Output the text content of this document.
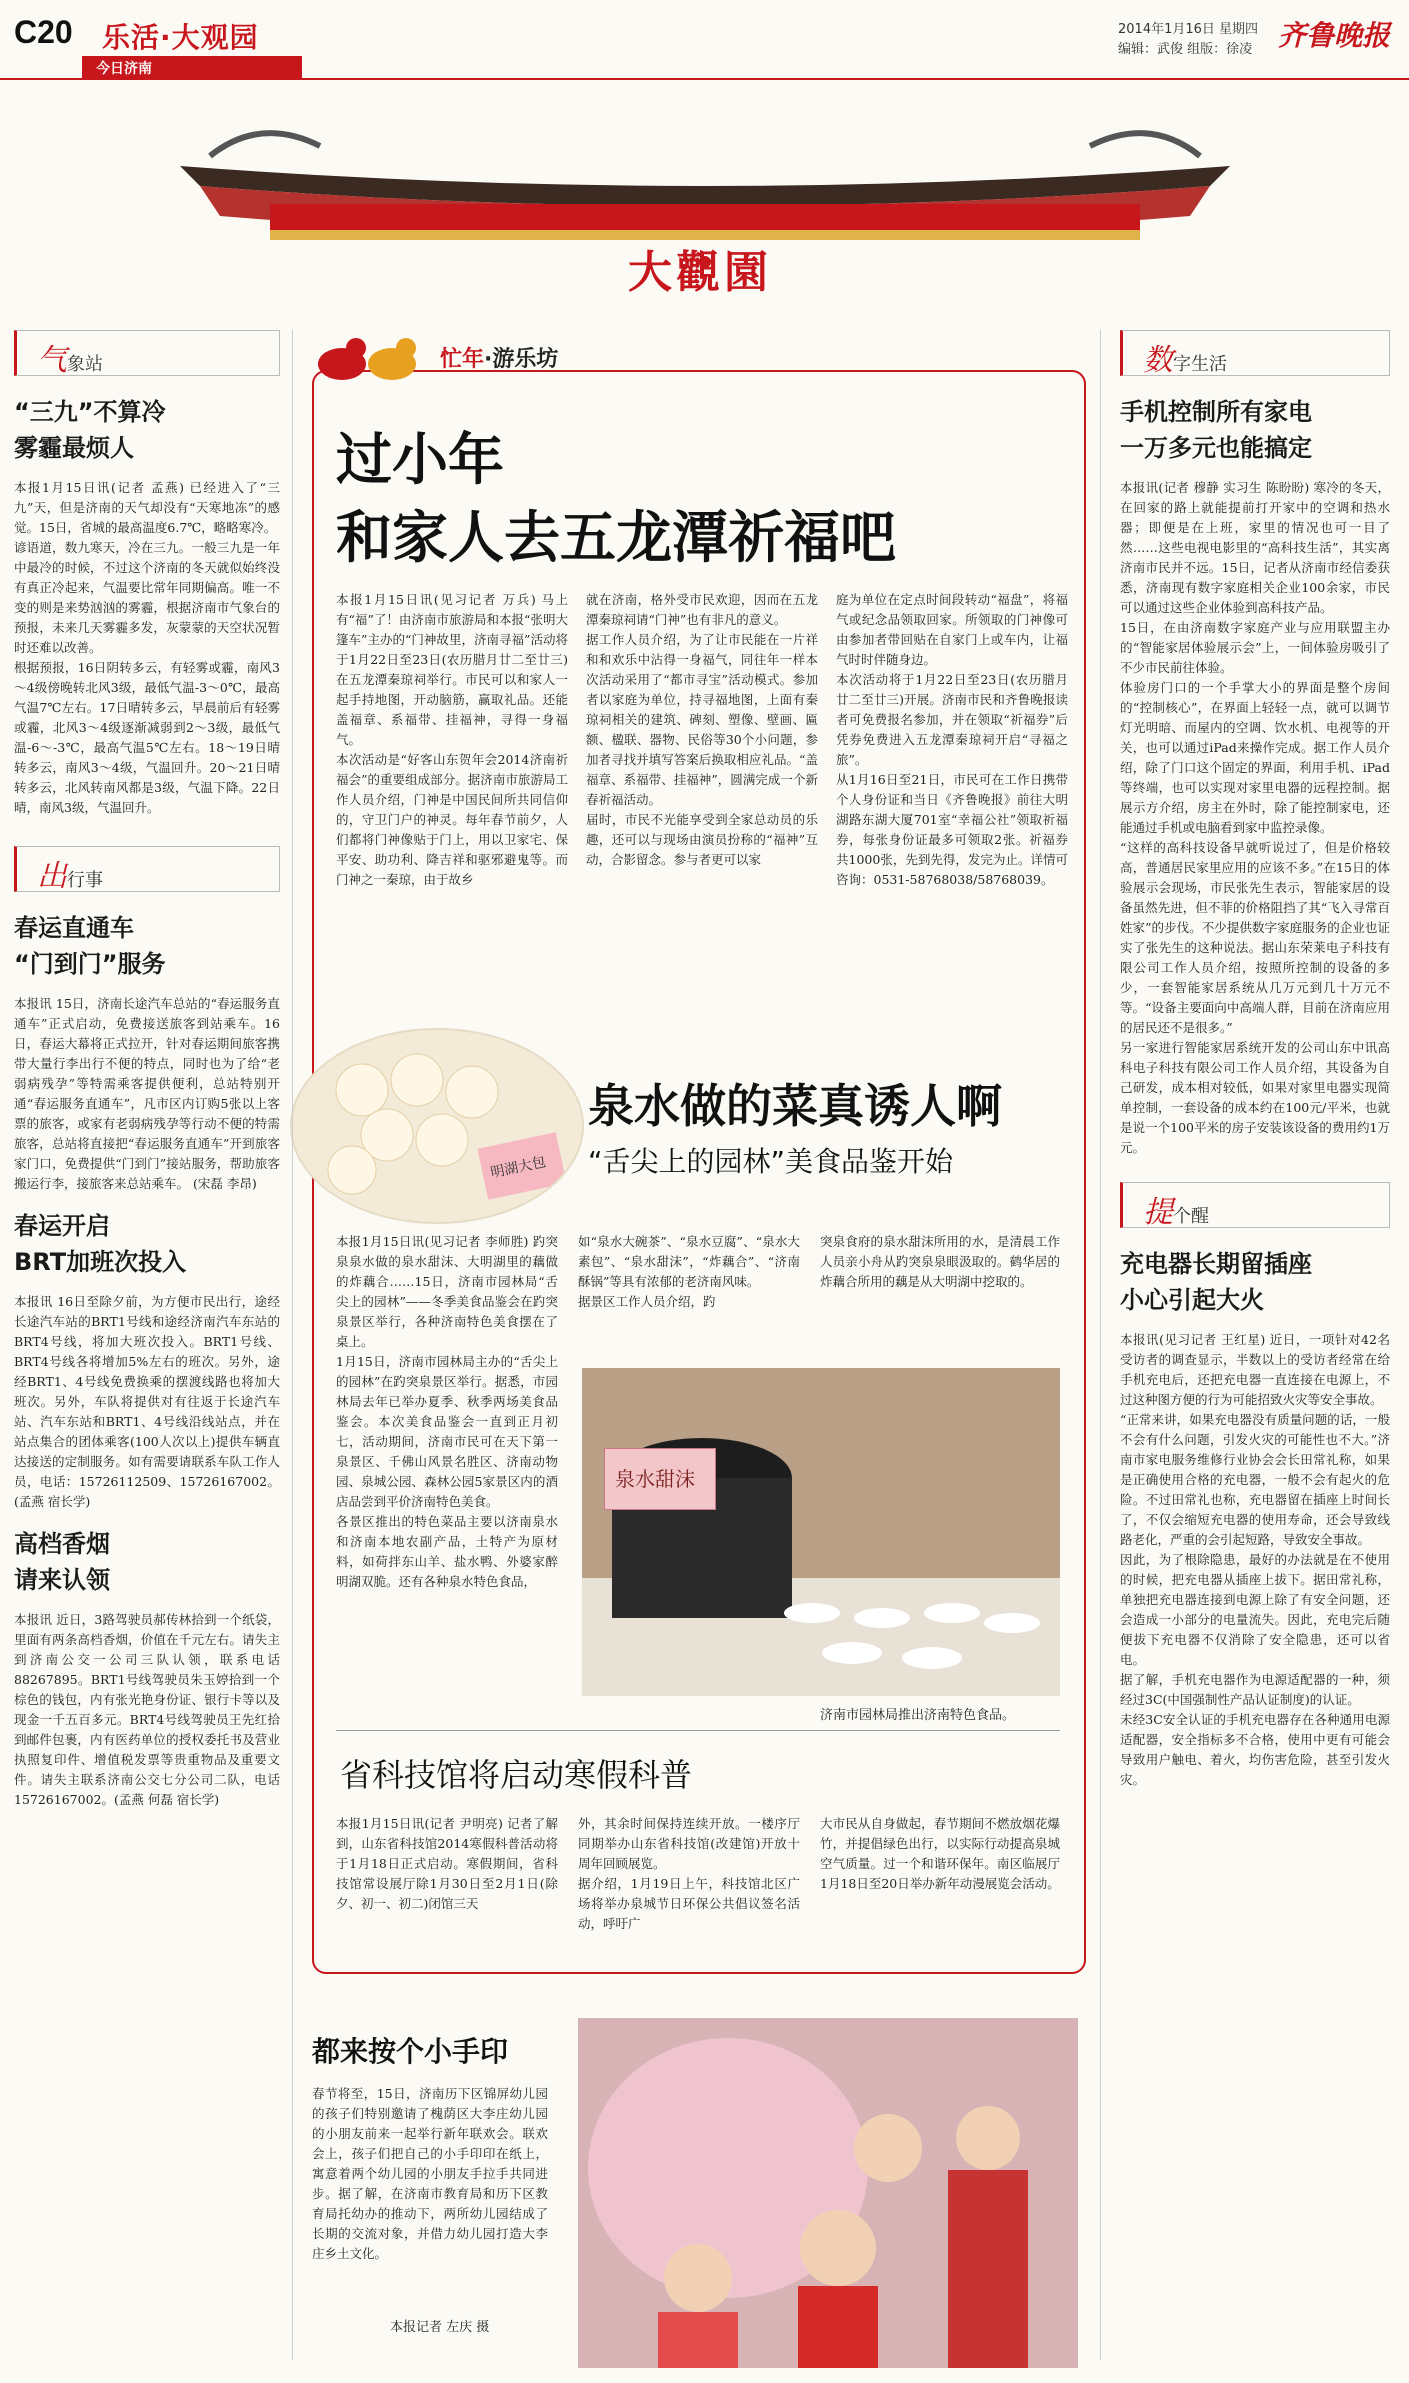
C20 乐活·大观园
今日济南
2014年1月16日 星期四
编辑：武俊 组版：徐凌 齐鲁晚报
大觀園
气象站
“三九”不算冷
雾霾最烦人

本报1月15日讯(记者 孟燕) 已经进入了“三九”天，但是济南的天气却没有“天寒地冻”的感觉。15日，省城的最高温度6.7℃，略略寒冷。

谚语道，数九寒天，冷在三九。一般三九是一年中最冷的时候，不过这个济南的冬天就似始终没有真正冷起来，气温要比常年同期偏高。唯一不变的则是来势汹汹的雾霾，根据济南市气象台的预报，未来几天雾霾多发，灰蒙蒙的天空状况暂时还难以改善。

根据预报，16日阴转多云，有轻雾或霾，南风3～4级傍晚转北风3级，最低气温-3～0℃，最高气温7℃左右。17日晴转多云，早晨前后有轻雾或霾，北风3～4级逐渐减弱到2～3级，最低气温-6～-3℃，最高气温5℃左右。18～19日晴转多云，南风3～4级，气温回升。20～21日晴转多云，北风转南风都是3级，气温下降。22日晴，南风3级，气温回升。

出行事
春运直通车
“门到门”服务

本报讯 15日，济南长途汽车总站的“春运服务直通车”正式启动，免费接送旅客到站乘车。16日，春运大幕将正式拉开，针对春运期间旅客携带大量行李出行不便的特点，同时也为了给“老弱病残孕”等特需乘客提供便利，总站特别开通“春运服务直通车”，凡市区内订购5张以上客票的旅客，或家有老弱病残孕等行动不便的特需旅客，总站将直接把“春运服务直通车”开到旅客家门口，免费提供“门到门”接站服务，帮助旅客搬运行李，接旅客来总站乘车。 (宋磊 李昂)

春运开启
BRT加班次投入

本报讯 16日至除夕前，为方便市民出行，途经长途汽车站的BRT1号线和途经济南汽车东站的BRT4号线，将加大班次投入。BRT1号线、BRT4号线各将增加5%左右的班次。另外，途经BRT1、4号线免费换乘的摆渡线路也将加大班次。另外，车队将提供对有往返于长途汽车站、汽车东站和BRT1、4号线沿线站点，并在站点集合的团体乘客(100人次以上)提供车辆直达接送的定制服务。如有需要请联系车队工作人员，电话：15726112509、15726167002。(孟燕 宿长学)

高档香烟
请来认领

本报讯 近日，3路驾驶员郝传林拾到一个纸袋，里面有两条高档香烟，价值在千元左右。请失主到济南公交一公司三队认领，联系电话88267895。BRT1号线驾驶员朱玉婷拾到一个棕色的钱包，内有张光艳身份证、银行卡等以及现金一千五百多元。BRT4号线驾驶员王先红拾到邮件包裹，内有医药单位的授权委托书及营业执照复印件、增值税发票等贵重物品及重要文件。请失主联系济南公交七分公司二队，电话15726167002。(孟燕 何磊 宿长学)

忙年·游乐坊
过小年
和家人去五龙潭祈福吧

本报1月15日讯(见习记者 万兵) 马上有“福”了！由济南市旅游局和本报“张明大篷车”主办的“门神故里，济南寻福”活动将于1月22日至23日(农历腊月廿二至廿三)在五龙潭秦琼祠举行。市民可以和家人一起手持地图，开动脑筋，赢取礼品。还能盖福章、系福带、挂福神，寻得一身福气。
本次活动是“好客山东贺年会2014济南祈福会”的重要组成部分。据济南市旅游局工作人员介绍，门神是中国民间所共同信仰的，守卫门户的神灵。每年春节前夕，人们都将门神像贴于门上，用以卫家宅、保平安、助功利、降吉祥和驱邪避鬼等。而门神之一秦琼，由于故乡

就在济南，格外受市民欢迎，因而在五龙潭秦琼祠请“门神”也有非凡的意义。
据工作人员介绍，为了让市民能在一片祥和和欢乐中沾得一身福气，同往年一样本次活动采用了“都市寻宝”活动模式。参加者以家庭为单位，持寻福地图，上面有秦琼祠相关的建筑、碑刻、塑像、壁画、匾额、楹联、器物、民俗等30个小问题，参加者寻找并填写答案后换取相应礼品。“盖福章、系福带、挂福神”，圆满完成一个新春祈福活动。
届时，市民不光能享受到全家总动员的乐趣，还可以与现场由演员扮称的“福神”互动，合影留念。参与者更可以家

庭为单位在定点时间段转动“福盘”，将福气或纪念品领取回家。所领取的门神像可由参加者带回贴在自家门上或车内，让福气时时伴随身边。
本次活动将于1月22日至23日(农历腊月廿二至廿三)开展。济南市民和齐鲁晚报读者可免费报名参加，并在领取“祈福券”后凭券免费进入五龙潭秦琼祠开启“寻福之旅”。
从1月16日至21日，市民可在工作日携带个人身份证和当日《齐鲁晚报》前往大明湖路东湖大厦701室“幸福公社”领取祈福券，每张身份证最多可领取2张。祈福券共1000张，先到先得，发完为止。详情可咨询：0531-58768038/58768039。

明湖大包
泉水做的菜真诱人啊
“舌尖上的园林”美食品鉴开始

本报1月15日讯(见习记者 李师胜) 趵突泉泉水做的泉水甜沫、大明湖里的藕做的炸藕合……15日，济南市园林局“舌尖上的园林”——冬季美食品鉴会在趵突泉景区举行，各种济南特色美食摆在了桌上。
1月15日，济南市园林局主办的“舌尖上的园林”在趵突泉景区举行。据悉，市园林局去年已举办夏季、秋季两场美食品鉴会。本次美食品鉴会一直到正月初七，活动期间，济南市民可在天下第一泉景区、千佛山风景名胜区、济南动物园、泉城公园、森林公园5家景区内的酒店品尝到平价济南特色美食。
各景区推出的特色菜品主要以济南泉水和济南本地农副产品，土特产为原材料，如荷拌东山羊、盐水鸭、外婆家醉明湖双脆。还有各种泉水特色食品，

如“泉水大碗茶”、“泉水豆腐”、“泉水大素包”、“泉水甜沫”，“炸藕合”、“济南酥锅”等具有浓郁的老济南风味。
据景区工作人员介绍，趵

突泉食府的泉水甜沫所用的水，是清晨工作人员亲小舟从趵突泉泉眼汲取的。鹤华居的炸藕合所用的藕是从大明湖中挖取的。

泉水甜沫
济南市园林局推出济南特色食品。
省科技馆将启动寒假科普

本报1月15日讯(记者 尹明亮) 记者了解到，山东省科技馆2014寒假科普活动将于1月18日正式启动。寒假期间，省科技馆常设展厅除1月30日至2月1日(除夕、初一、初二)闭馆三天

外，其余时间保持连续开放。一楼序厅同期举办山东省科技馆(改建馆)开放十周年回顾展览。
据介绍，1月19日上午，科技馆北区广场将举办泉城节日环保公共倡议签名活动，呼吁广

大市民从自身做起，春节期间不燃放烟花爆竹，并提倡绿色出行，以实际行动提高泉城空气质量。过一个和谐环保年。南区临展厅1月18日至20日举办新年动漫展览会活动。

都来按个小手印

春节将至，15日，济南历下区锦屏幼儿园的孩子们特别邀请了槐荫区大李庄幼儿园的小朋友前来一起举行新年联欢会。联欢会上，孩子们把自己的小手印印在纸上，寓意着两个幼儿园的小朋友手拉手共同进步。据了解，在济南市教育局和历下区教育局托幼办的推动下，两所幼儿园结成了长期的交流对象，并借力幼儿园打造大李庄乡土文化。

本报记者 左庆 摄
数字生活
手机控制所有家电
一万多元也能搞定

本报讯(记者 穆静 实习生 陈盼盼) 寒冷的冬天，在回家的路上就能提前打开家中的空调和热水器；即便是在上班，家里的情况也可一目了然……这些电视电影里的“高科技生活”，其实离济南市民并不远。15日，记者从济南市经信委获悉，济南现有数字家庭相关企业100余家，市民可以通过这些企业体验到高科技产品。

15日，在由济南数字家庭产业与应用联盟主办的“智能家居体验展示会”上，一间体验房吸引了不少市民前往体验。

体验房门口的一个手掌大小的界面是整个房间的“控制核心”，在界面上轻轻一点，就可以调节灯光明暗、而屋内的空调、饮水机、电视等的开关，也可以通过iPad来操作完成。据工作人员介绍，除了门口这个固定的界面，利用手机、iPad等终端，也可以实现对家里电器的远程控制。据展示方介绍，房主在外时，除了能控制家电，还能通过手机或电脑看到家中监控录像。

“这样的高科技设备早就听说过了，但是价格较高，普通居民家里应用的应该不多。”在15日的体验展示会现场，市民张先生表示，智能家居的设备虽然先进，但不菲的价格阻挡了其“飞入寻常百姓家”的步伐。不少提供数字家庭服务的企业也证实了张先生的这种说法。据山东荣莱电子科技有限公司工作人员介绍，按照所控制的设备的多少，一套智能家居系统从几万元到几十万元不等。“设备主要面向中高端人群，目前在济南应用的居民还不是很多。”

另一家进行智能家居系统开发的公司山东中讯高科电子科技有限公司工作人员介绍，其设备为自己研发，成本相对较低，如果对家里电器实现简单控制，一套设备的成本约在100元/平米，也就是说一个100平米的房子安装该设备的费用约1万元。

提个醒
充电器长期留插座
小心引起大火

本报讯(见习记者 王红星) 近日，一项针对42名受访者的调查显示，半数以上的受访者经常在给手机充电后，还把充电器一直连接在电源上，不过这种图方便的行为可能招致火灾等安全事故。

“正常来讲，如果充电器没有质量问题的话，一般不会有什么问题，引发火灾的可能性也不大。”济南市家电服务维修行业协会会长田常礼称，如果是正确使用合格的充电器，一般不会有起火的危险。不过田常礼也称，充电器留在插座上时间长了，不仅会缩短充电器的使用寿命，还会导致线路老化，严重的会引起短路，导致安全事故。

因此，为了根除隐患，最好的办法就是在不使用的时候，把充电器从插座上拔下。据田常礼称，单独把充电器连接到电源上除了有安全问题，还会造成一小部分的电量流失。因此，充电完后随便拔下充电器不仅消除了安全隐患，还可以省电。

据了解，手机充电器作为电源适配器的一种，须经过3C(中国强制性产品认证制度)的认证。

未经3C安全认证的手机充电器存在各种通用电源适配器，安全指标多不合格，使用中更有可能会导致用户触电、着火，均伤害危险，甚至引发火灾。
